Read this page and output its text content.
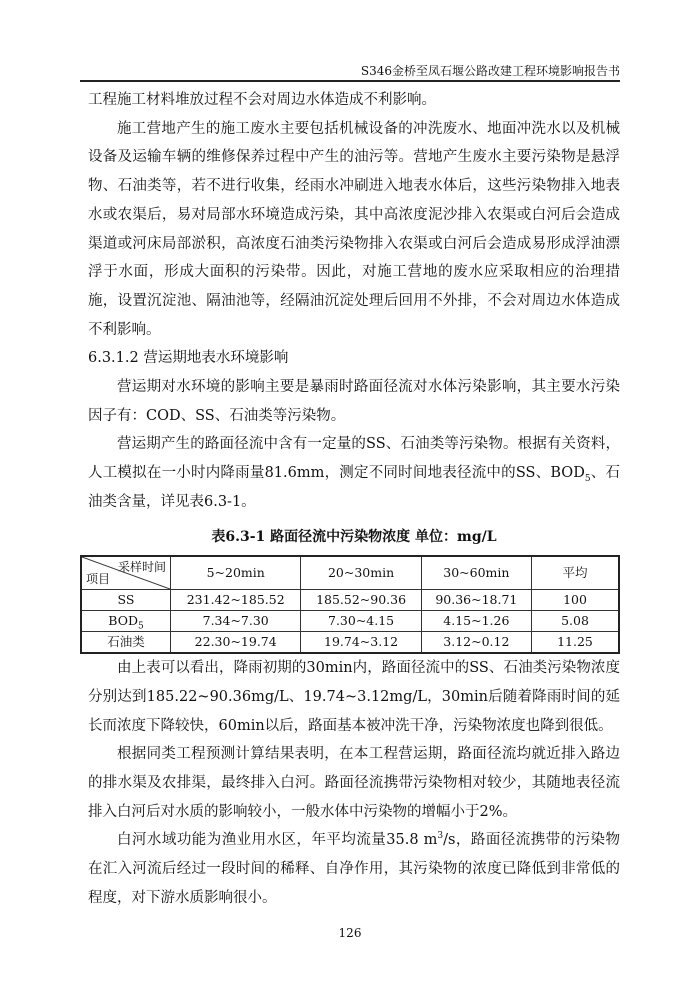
S346金桥至凤石堰公路改建工程环境影响报告书

工程施工材料堆放过程不会对周边水体造成不利影响。

施工营地产生的施工废水主要包括机械设备的冲洗废水、地面冲洗水以及机械设备及运输车辆的维修保养过程中产生的油污等。营地产生废水主要污染物是悬浮物、石油类等，若不进行收集，经雨水冲刷进入地表水体后，这些污染物排入地表水或农渠后，易对局部水环境造成污染，其中高浓度泥沙排入农渠或白河后会造成渠道或河床局部淤积，高浓度石油类污染物排入农渠或白河后会造成易形成浮油漂浮于水面，形成大面积的污染带。因此，对施工营地的废水应采取相应的治理措施，设置沉淀池、隔油池等，经隔油沉淀处理后回用不外排，不会对周边水体造成不利影响。

6.3.1.2 营运期地表水环境影响

营运期对水环境的影响主要是暴雨时路面径流对水体污染影响，其主要水污染因子有：COD、SS、石油类等污染物。

营运期产生的路面径流中含有一定量的SS、石油类等污染物。根据有关资料，人工模拟在一小时内降雨量81.6mm，测定不同时间地表径流中的SS、$BOD_5$、石油类含量，详见表6.3-1。

表6.3-1 路面径流中污染物浓度 单位：mg/L
采样时间
项目	5~20min	20~30min	30~60min	平均
SS	231.42~185.52	185.52~90.36	90.36~18.71	100
$BOD_5$	7.34~7.30	7.30~4.15	4.15~1.26	5.08
石油类	22.30~19.74	19.74~3.12	3.12~0.12	11.25

由上表可以看出，降雨初期的30min内，路面径流中的SS、石油类污染物浓度分别达到185.22~90.36mg/L、19.74~3.12mg/L，30min后随着降雨时间的延长而浓度下降较快，60min以后，路面基本被冲洗干净，污染物浓度也降到很低。

根据同类工程预测计算结果表明，在本工程营运期，路面径流均就近排入路边的排水渠及农排渠，最终排入白河。路面径流携带污染物相对较少，其随地表径流排入白河后对水质的影响较小，一般水体中污染物的增幅小于2%。

白河水域功能为渔业用水区，年平均流量35.8 $m^3/s$，路面径流携带的污染物在汇入河流后经过一段时间的稀释、自净作用，其污染物的浓度已降低到非常低的程度，对下游水质影响很小。

126
